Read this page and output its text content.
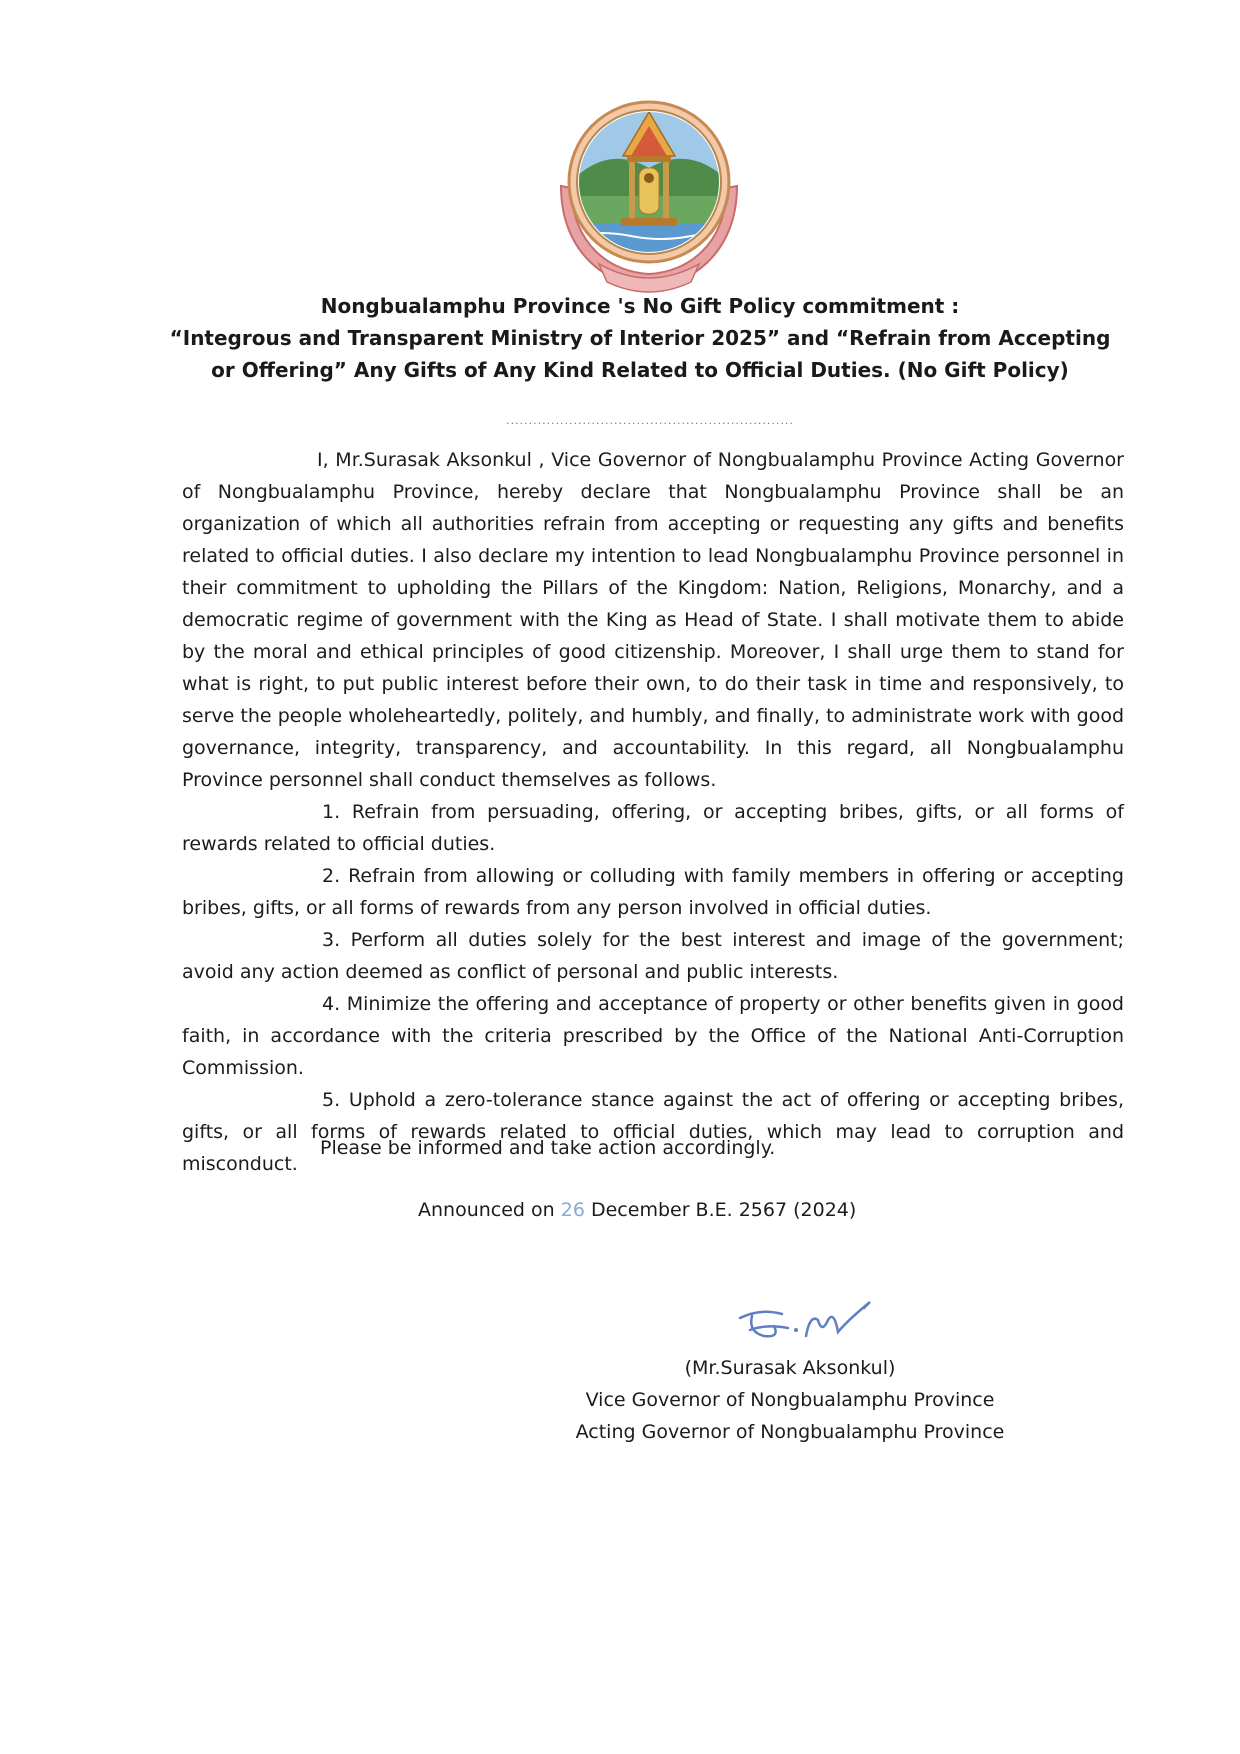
Nongbualamphu Province 's No Gift Policy commitment :
“Integrous and Transparent Ministry of Interior 2025” and “Refrain from Accepting
or Offering” Any Gifts of Any Kind Related to Official Duties. (No Gift Policy)
................................................................

I, Mr.Surasak Aksonkul , Vice Governor of Nongbualamphu Province Acting Governor of Nongbualamphu Province, hereby declare that Nongbualamphu Province shall be an organization of which all authorities refrain from accepting or requesting any gifts and benefits related to official duties. I also declare my intention to lead Nongbualamphu Province personnel in their commitment to upholding the Pillars of the Kingdom: Nation, Religions, Monarchy, and a democratic regime of government with the King as Head of State. I shall motivate them to abide by the moral and ethical principles of good citizenship. Moreover, I shall urge them to stand for what is right, to put public interest before their own, to do their task in time and responsively, to serve the people wholeheartedly, politely, and humbly, and finally, to administrate work with good governance, integrity, transparency, and accountability. In this regard, all Nongbualamphu Province personnel shall conduct themselves as follows.

1. Refrain from persuading, offering, or accepting bribes, gifts, or all forms of rewards related to official duties.

2. Refrain from allowing or colluding with family members in offering or accepting bribes, gifts, or all forms of rewards from any person involved in official duties.

3. Perform all duties solely for the best interest and image of the government; avoid any action deemed as conflict of personal and public interests.

4. Minimize the offering and acceptance of property or other benefits given in good faith, in accordance with the criteria prescribed by the Office of the National Anti-Corruption Commission.

5. Uphold a zero-tolerance stance against the act of offering or accepting bribes, gifts, or all forms of rewards related to official duties, which may lead to corruption and misconduct.

Please be informed and take action accordingly.
Announced on 26 December B.E. 2567 (2024)
(Mr.Surasak Aksonkul)
Vice Governor of Nongbualamphu Province
Acting Governor of Nongbualamphu Province
